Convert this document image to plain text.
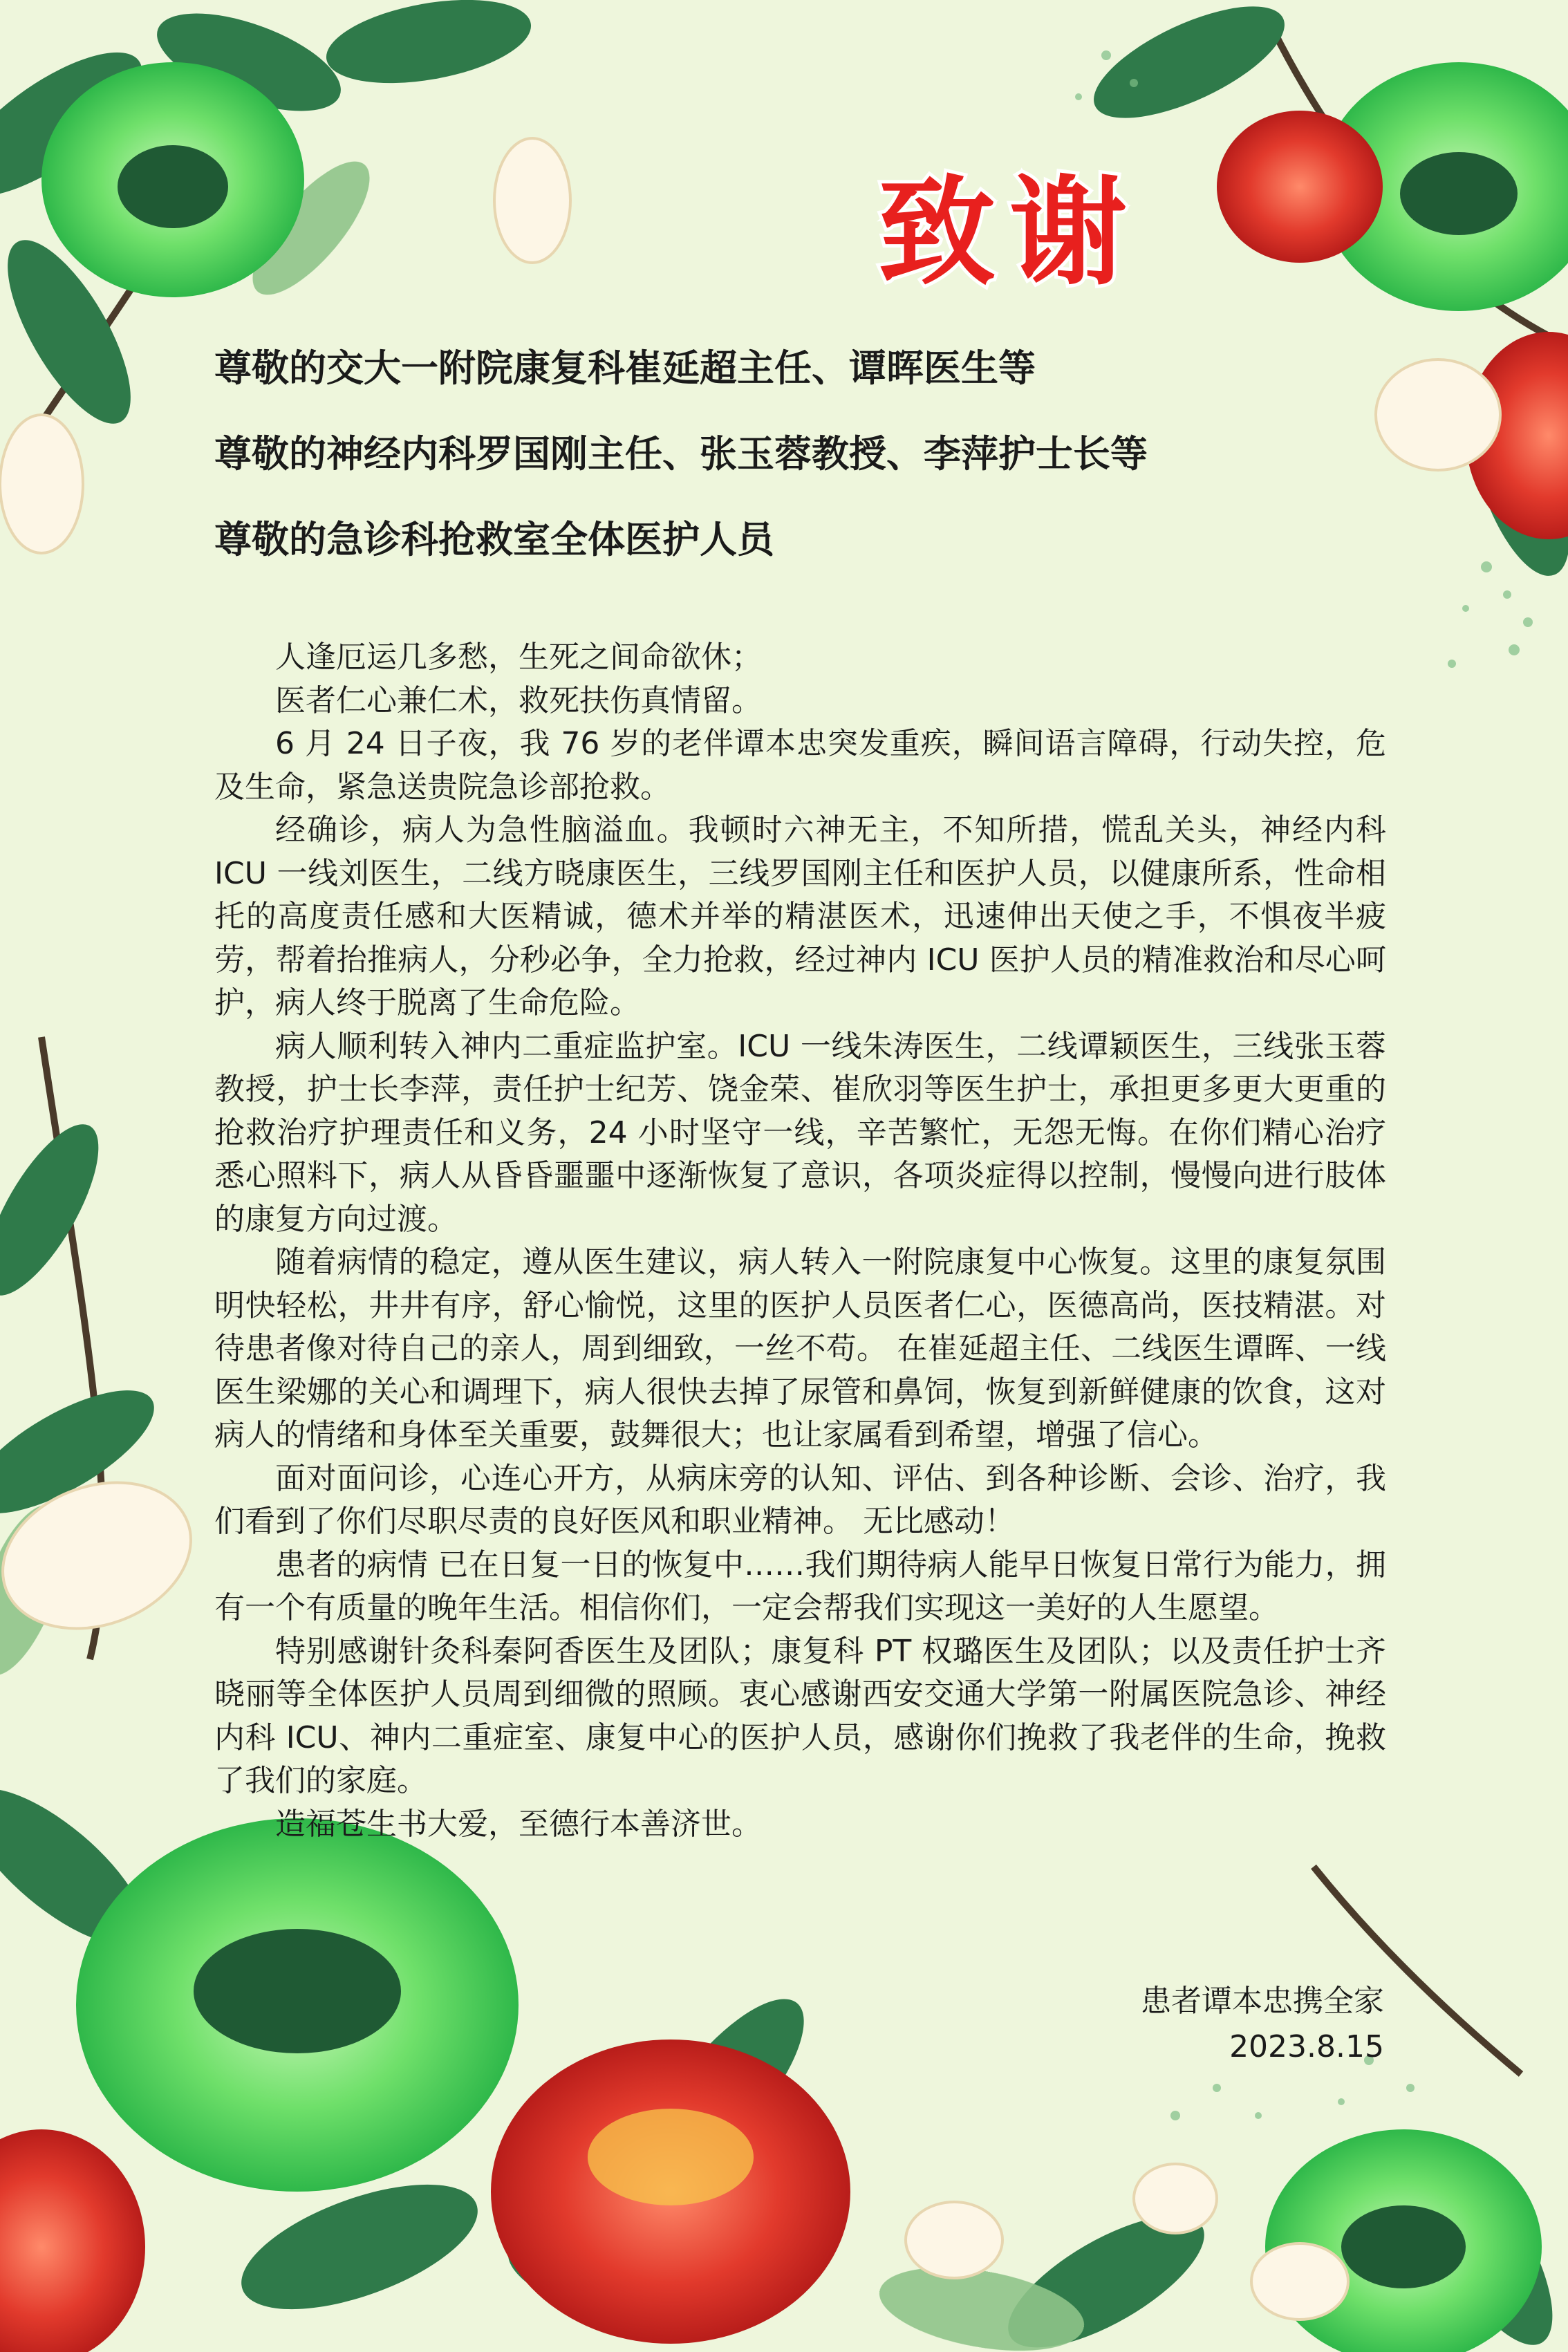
致谢

尊敬的交大一附院康复科崔延超主任、谭晖医生等

尊敬的神经内科罗国刚主任、张玉蓉教授、李萍护士长等

尊敬的急诊科抢救室全体医护人员

人逢厄运几多愁，生死之间命欲休；

医者仁心兼仁术，救死扶伤真情留。

6 月 24 日子夜，我 76 岁的老伴谭本忠突发重疾，瞬间语言障碍，行动失控，危及生命，紧急送贵院急诊部抢救。

经确诊，病人为急性脑溢血。我顿时六神无主，不知所措，慌乱关头，神经内科 ICU 一线刘医生，二线方晓康医生，三线罗国刚主任和医护人员，以健康所系，性命相托的高度责任感和大医精诚，德术并举的精湛医术，迅速伸出天使之手，不惧夜半疲劳，帮着抬推病人，分秒必争，全力抢救，经过神内 ICU 医护人员的精准救治和尽心呵护，病人终于脱离了生命危险。

病人顺利转入神内二重症监护室。ICU 一线朱涛医生，二线谭颖医生，三线张玉蓉教授，护士长李萍，责任护士纪芳、饶金荣、崔欣羽等医生护士，承担更多更大更重的抢救治疗护理责任和义务，24 小时坚守一线，辛苦繁忙，无怨无悔。在你们精心治疗悉心照料下，病人从昏昏噩噩中逐渐恢复了意识，各项炎症得以控制，慢慢向进行肢体的康复方向过渡。

随着病情的稳定，遵从医生建议，病人转入一附院康复中心恢复。这里的康复氛围明快轻松，井井有序，舒心愉悦，这里的医护人员医者仁心，医德高尚，医技精湛。对待患者像对待自己的亲人，周到细致，一丝不苟。 在崔延超主任、二线医生谭晖、一线医生梁娜的关心和调理下，病人很快去掉了尿管和鼻饲，恢复到新鲜健康的饮食，这对病人的情绪和身体至关重要，鼓舞很大；也让家属看到希望，增强了信心。

面对面问诊，心连心开方，从病床旁的认知、评估、到各种诊断、会诊、治疗，我们看到了你们尽职尽责的良好医风和职业精神。 无比感动！

患者的病情 已在日复一日的恢复中……我们期待病人能早日恢复日常行为能力，拥有一个有质量的晚年生活。相信你们，一定会帮我们实现这一美好的人生愿望。

特别感谢针灸科秦阿香医生及团队；康复科 PT 权璐医生及团队；以及责任护士齐晓丽等全体医护人员周到细微的照顾。衷心感谢西安交通大学第一附属医院急诊、神经内科 ICU、神内二重症室、康复中心的医护人员，感谢你们挽救了我老伴的生命，挽救了我们的家庭。

造福苍生书大爱，至德行本善济世。

患者谭本忠携全家
2023.8.15
